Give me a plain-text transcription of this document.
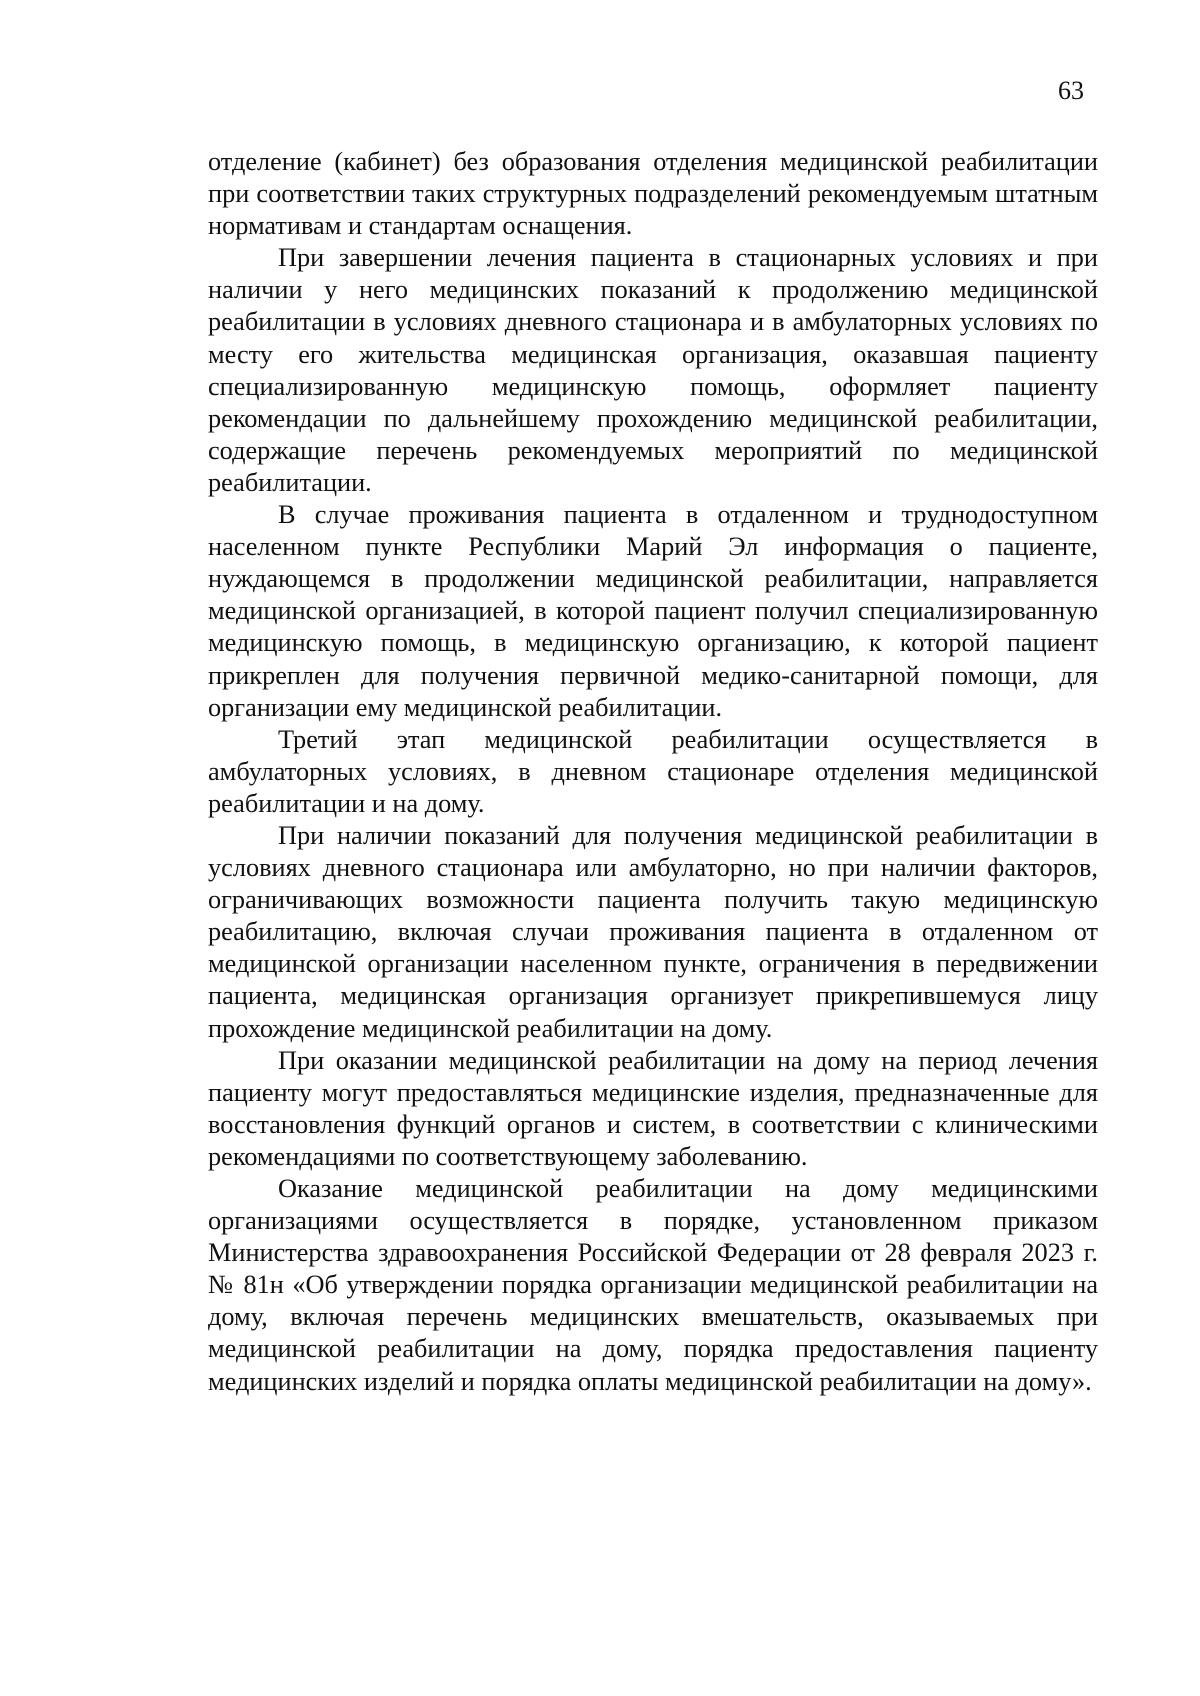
63

отделение (кабинет) без образования отделения медицинской реабилитации при соответствии таких структурных подразделений рекомендуемым штатным нормативам и стандартам оснащения.

При завершении лечения пациента в стационарных условиях и при наличии у него медицинских показаний к продолжению медицинской реабилитации в условиях дневного стационара и в амбулаторных условиях по месту его жительства медицинская организация, оказавшая пациенту специализированную медицинскую помощь, оформляет пациенту рекомендации по дальнейшему прохождению медицинской реабилитации, содержащие перечень рекомендуемых мероприятий по медицинской реабилитации.

В случае проживания пациента в отдаленном и труднодоступном населенном пункте Республики Марий Эл информация о пациенте, нуждающемся в продолжении медицинской реабилитации, направляется медицинской организацией, в которой пациент получил специализированную медицинскую помощь, в медицинскую организацию, к которой пациент прикреплен для получения первичной медико-санитарной помощи, для организации ему медицинской реабилитации.

Третий этап медицинской реабилитации осуществляется в амбулаторных условиях, в дневном стационаре отделения медицинской реабилитации и на дому.

При наличии показаний для получения медицинской реабилитации в условиях дневного стационара или амбулаторно, но при наличии факторов, ограничивающих возможности пациента получить такую медицинскую реабилитацию, включая случаи проживания пациента в отдаленном от медицинской организации населенном пункте, ограничения в передвижении пациента, медицинская организация организует прикрепившемуся лицу прохождение медицинской реабилитации на дому.

При оказании медицинской реабилитации на дому на период лечения пациенту могут предоставляться медицинские изделия, предназначенные для восстановления функций органов и систем, в соответствии с клиническими рекомендациями по соответствующему заболеванию.

Оказание медицинской реабилитации на дому медицинскими организациями осуществляется в порядке, установленном приказом Министерства здравоохранения Российской Федерации от 28 февраля 2023 г. № 81н «Об утверждении порядка организации медицинской реабилитации на дому, включая перечень медицинских вмешательств, оказываемых при медицинской реабилитации на дому, порядка предоставления пациенту медицинских изделий и порядка оплаты медицинской реабилитации на дому».
